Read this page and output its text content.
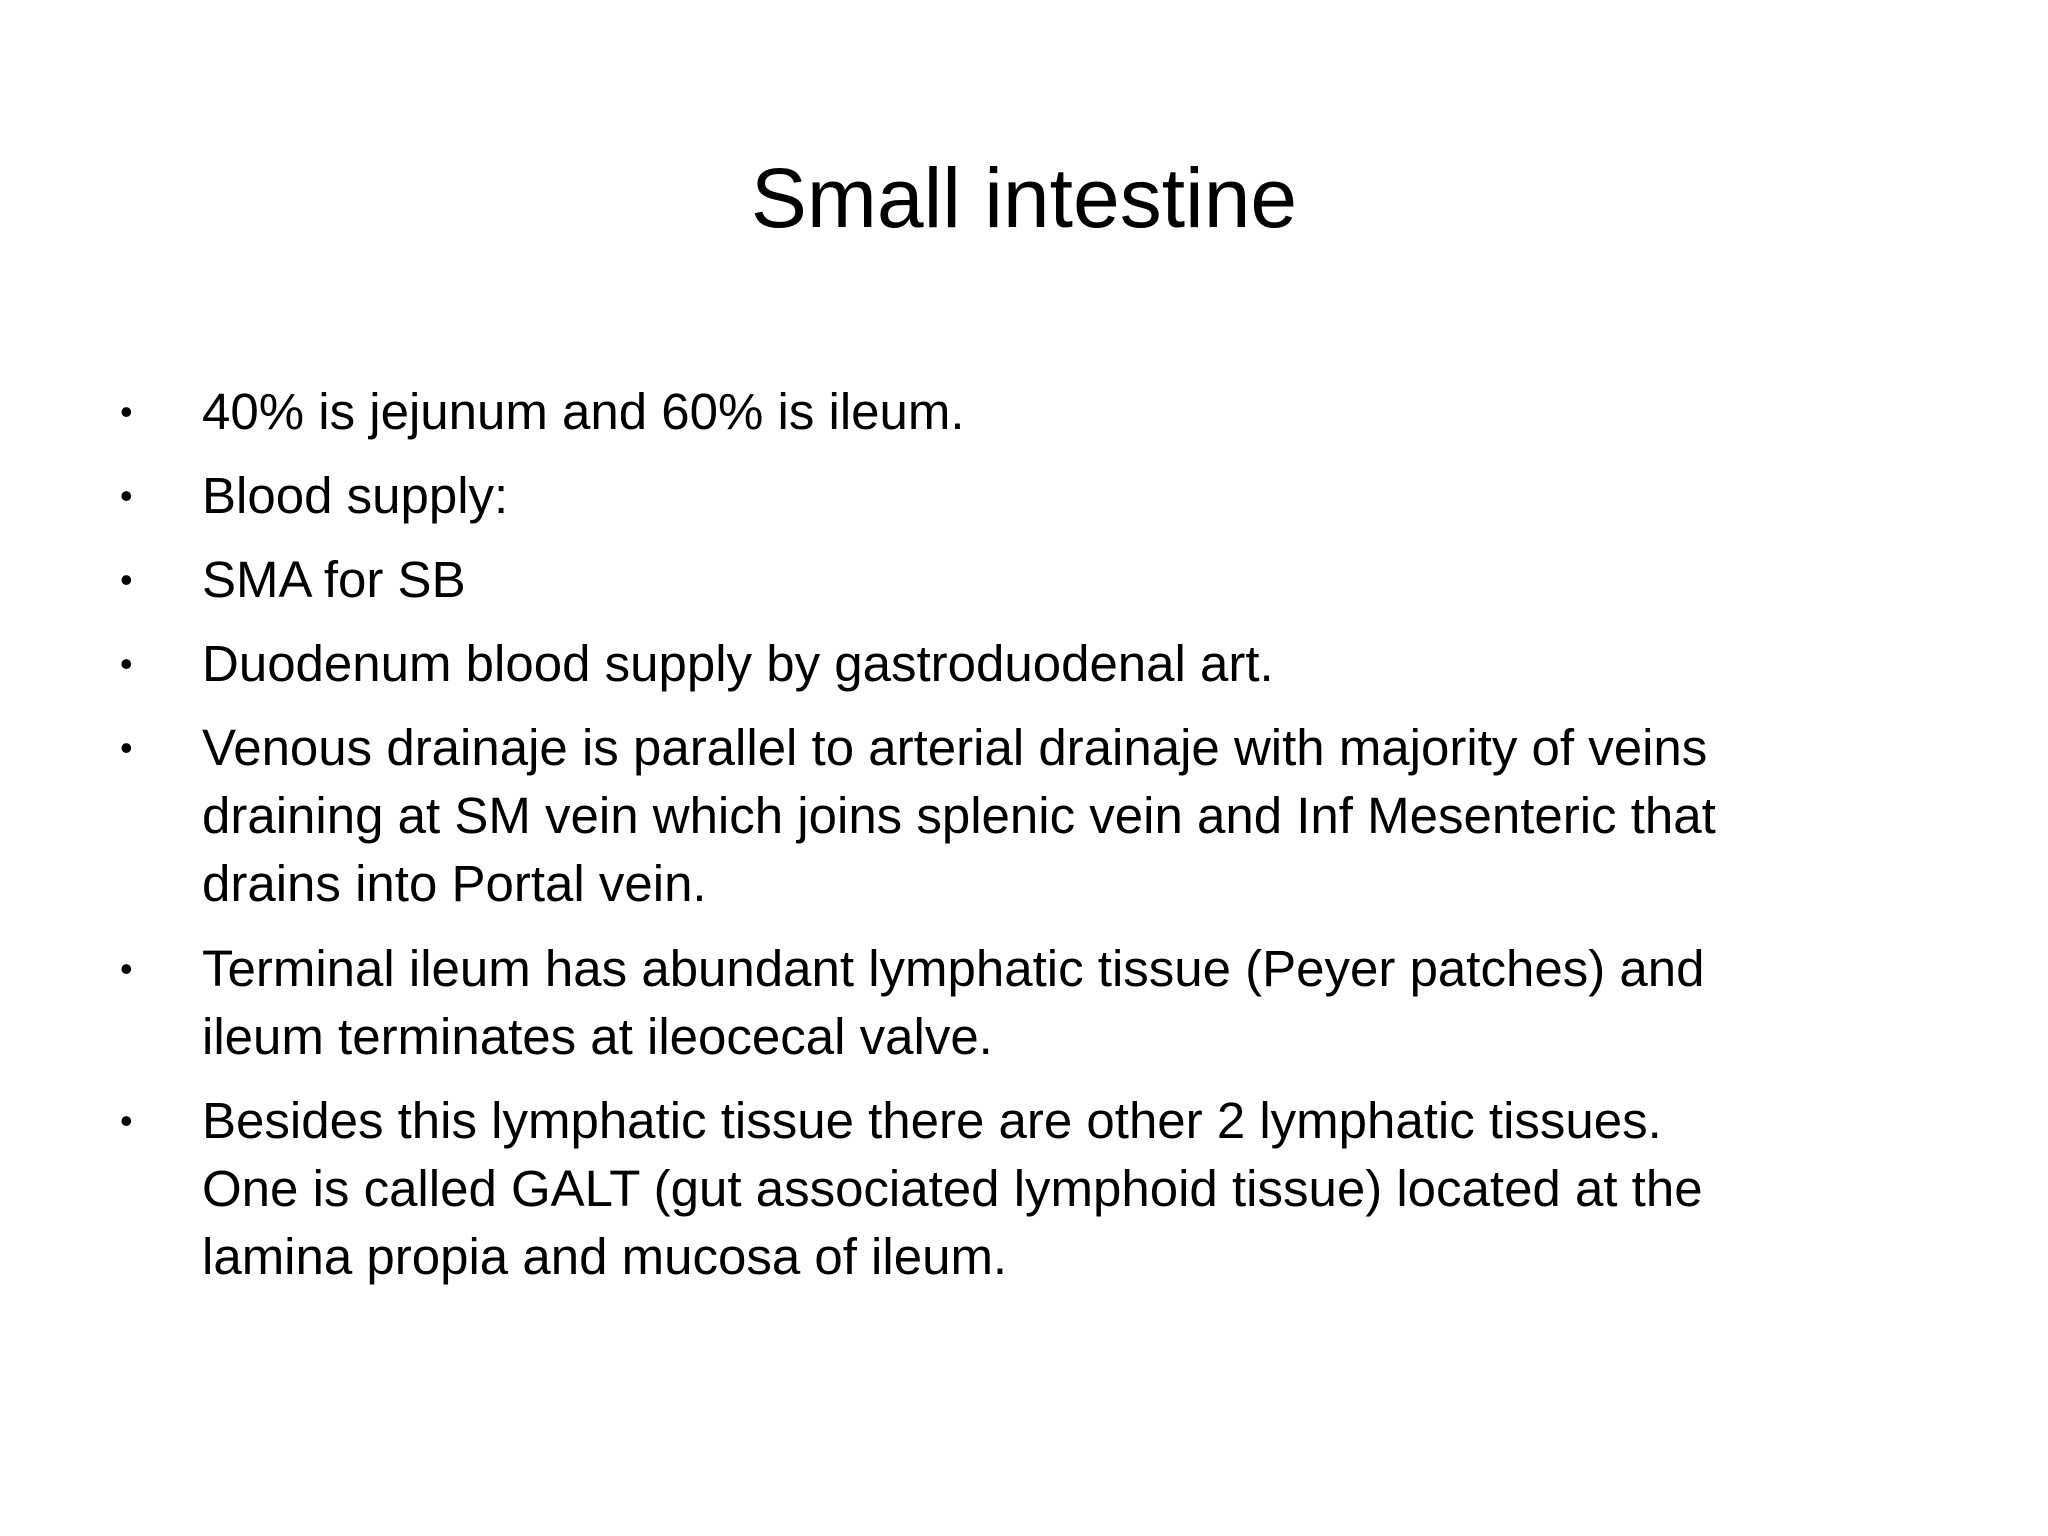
Small intestine
•	40% is jejunum and 60% is ileum.
•	Blood supply:
•	SMA for SB
•	Duodenum blood supply by gastroduodenal art.
•	Venous drainaje is parallel to arterial drainaje with majority of veins
draining at SM vein which joins splenic vein and Inf Mesenteric that
drains into Portal vein.
•	Terminal ileum has abundant lymphatic tissue (Peyer patches) and
ileum terminates at ileocecal valve.
•	Besides this lymphatic tissue there are other 2 lymphatic tissues.
One is called GALT (gut associated lymphoid tissue) located at the
lamina propia and mucosa of ileum.
